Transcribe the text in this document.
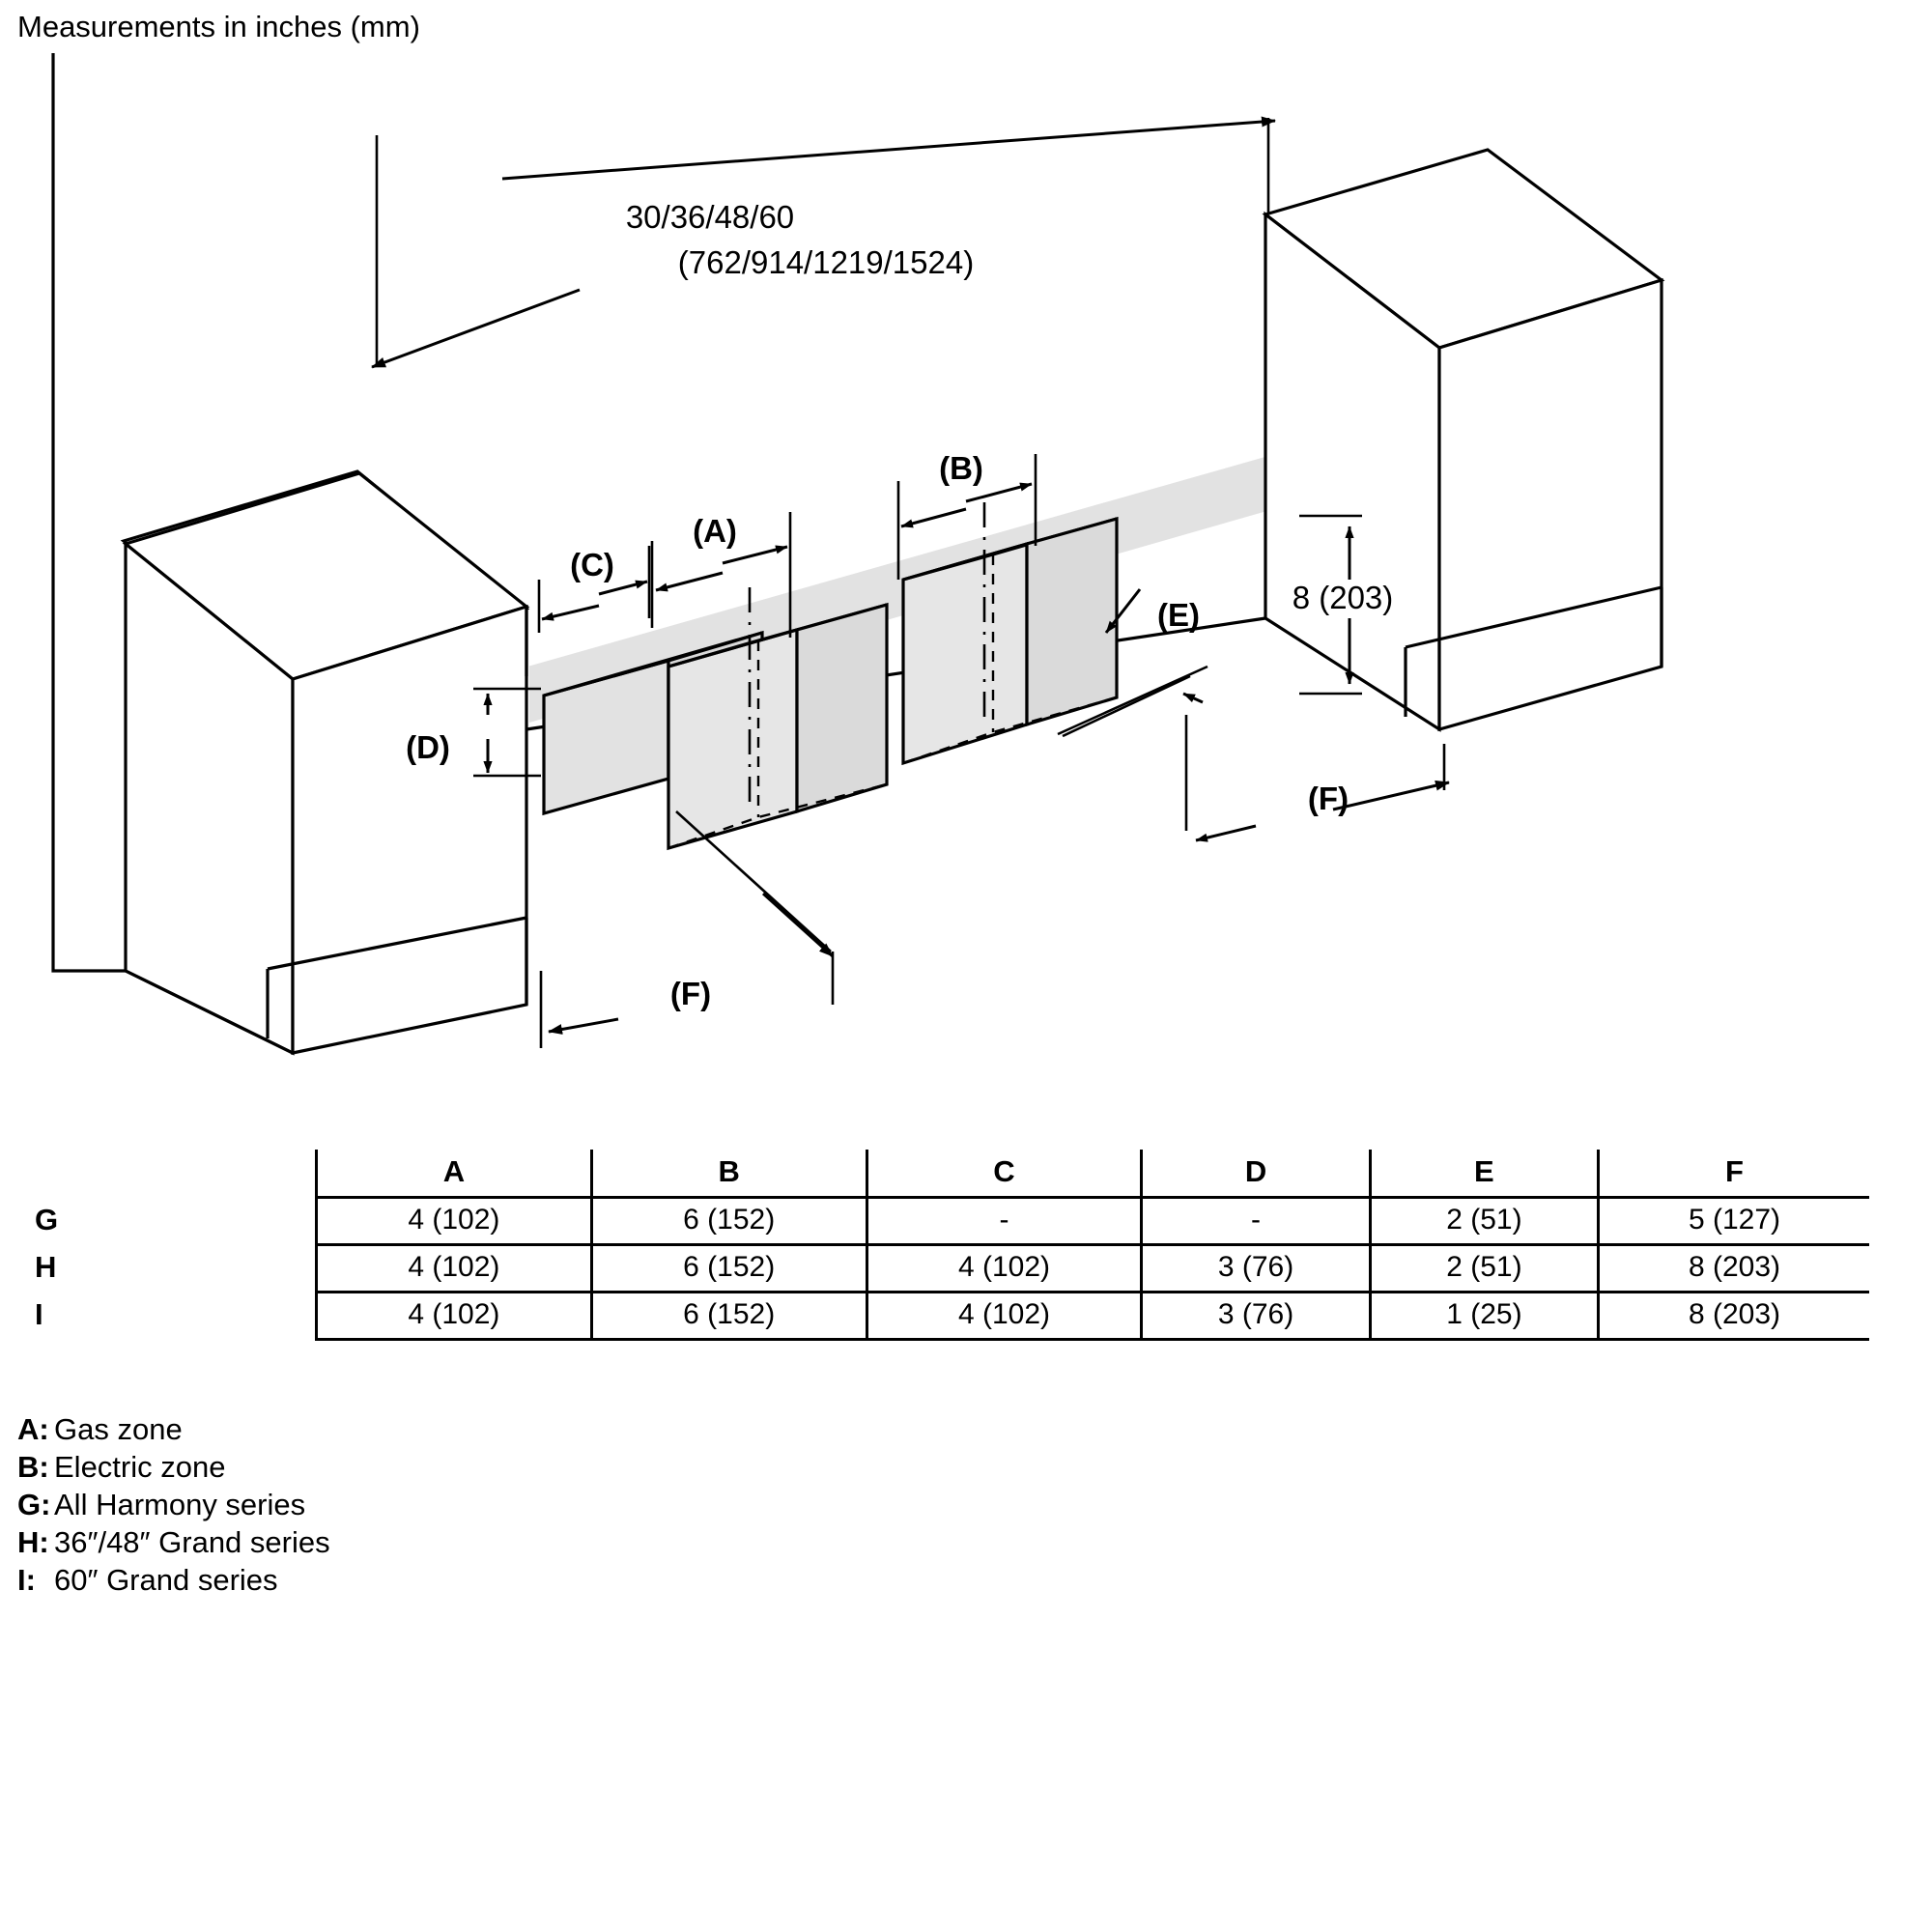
Measurements in inches (mm)
30/36/48/60
(762/914/1219/1524)
(C)
(A)
(B)
(D)
(E)	8 (203)
(F)
(F)
	A	B	C	D	E	F
G	4 (102)	6 (152)	-	-	2 (51)	5 (127)
H	4 (102)	6 (152)	4 (102)	3 (76)	2 (51)	8 (203)
I	4 (102)	6 (152)	4 (102)	3 (76)	1 (25)	8 (203)
A: Gas zone
B: Electric zone
G: All Harmony series
H: 36″/48″ Grand series
I: 60″ Grand series
